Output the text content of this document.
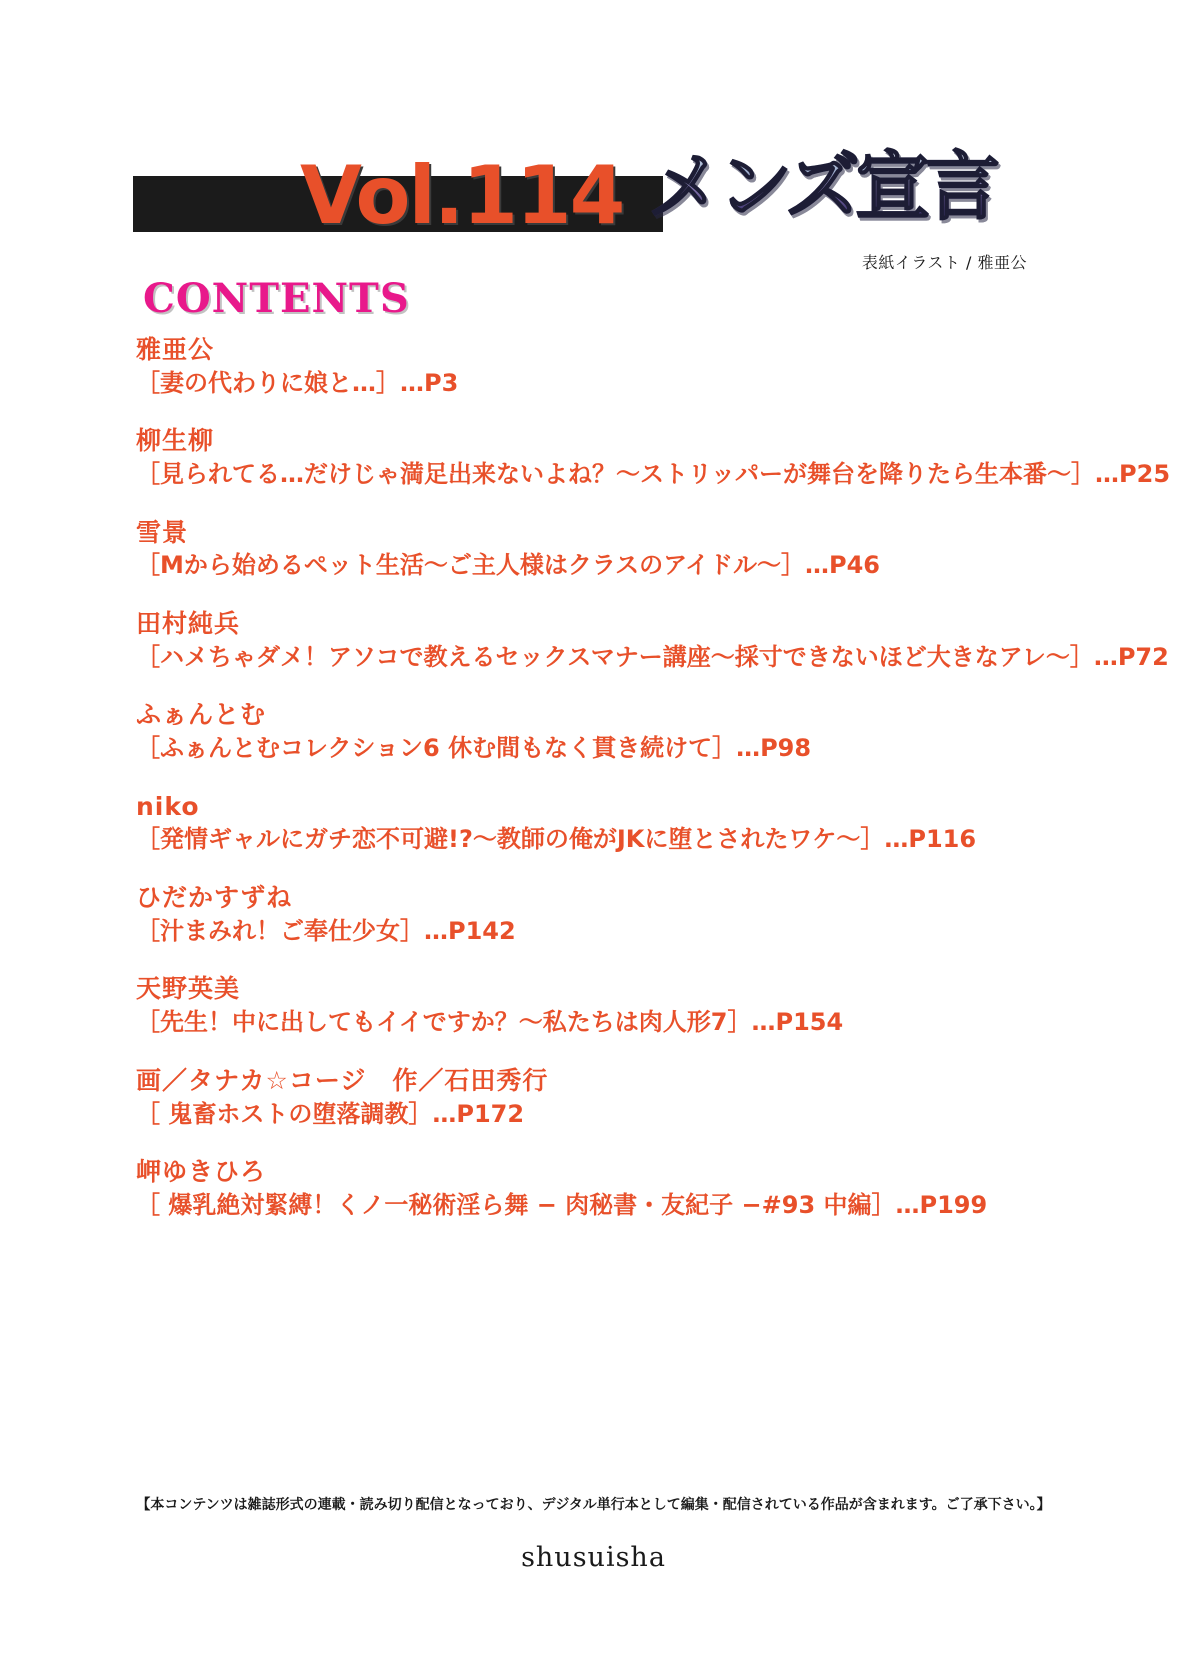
Vol.114 メンズ宣言
表紙イラスト / 雅亜公
CONTENTS
雅亜公
［妻の代わりに娘と…］…P3
柳生柳
［見られてる…だけじゃ満足出来ないよね？～ストリッパーが舞台を降りたら生本番～］…P25
雪景
［Mから始めるペット生活～ご主人様はクラスのアイドル～］…P46
田村純兵
［ハメちゃダメ！アソコで教えるセックスマナー講座～採寸できないほど大きなアレ～］…P72
ふぁんとむ
［ふぁんとむコレクション6 休む間もなく貫き続けて］…P98
niko
［発情ギャルにガチ恋不可避!?～教師の俺がJKに堕とされたワケ～］…P116
ひだかすずね
［汁まみれ！ご奉仕少女］…P142
天野英美
［先生！中に出してもイイですか？～私たちは肉人形7］…P154
画／タナカ☆コージ　作／石田秀行
［ 鬼畜ホストの堕落調教］…P172
岬ゆきひろ
［ 爆乳絶対緊縛！くノ一秘術淫ら舞 − 肉秘書・友紀子 −#93 中編］…P199
【本コンテンツは雑誌形式の連載・読み切り配信となっており、デジタル単行本として編集・配信されている作品が含まれます。ご了承下さい。】
shusuisha
